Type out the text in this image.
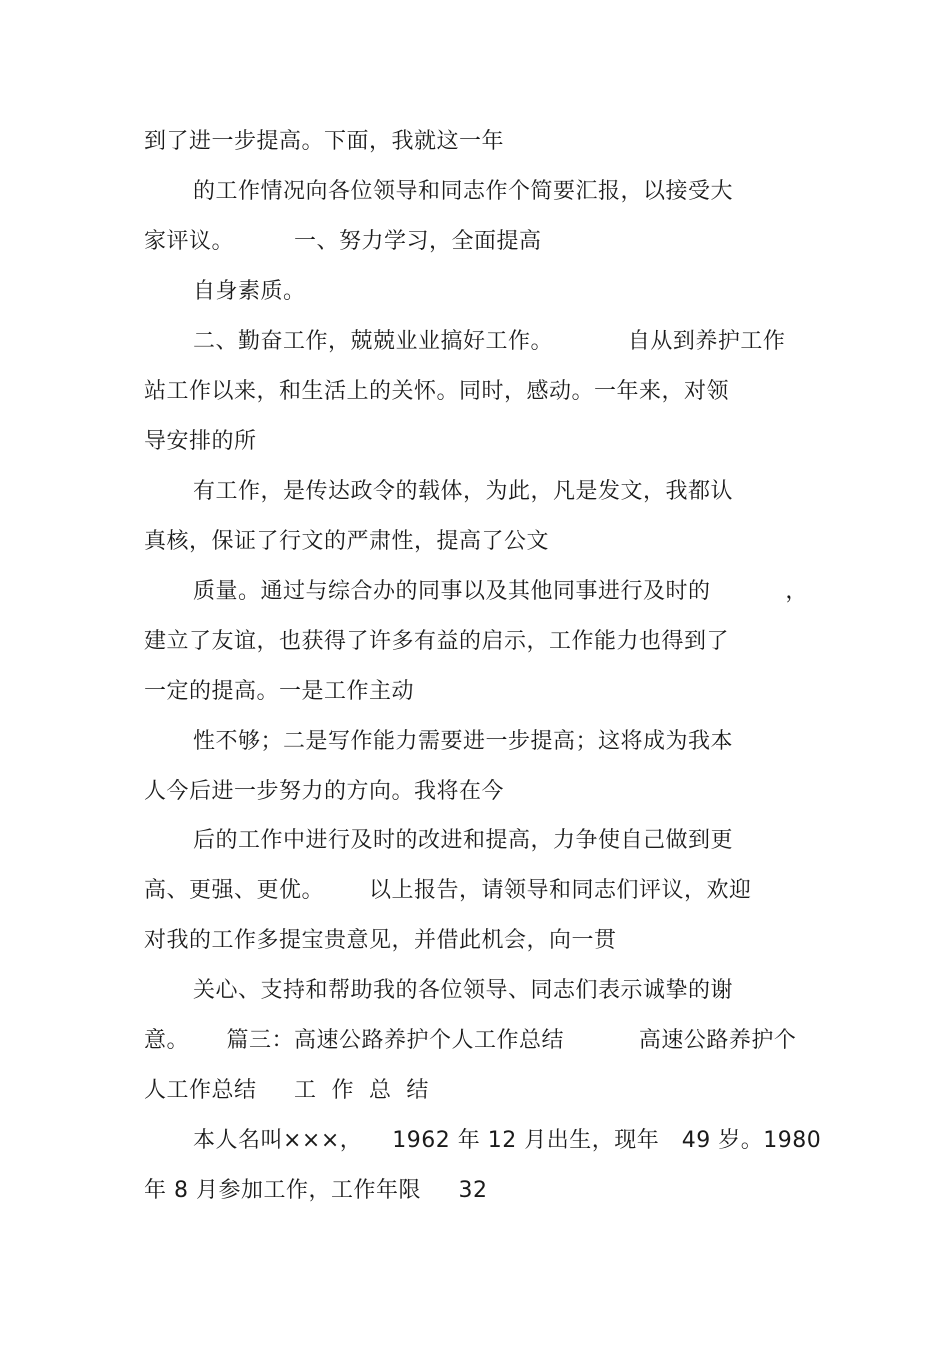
到了进一步提高。下面，我就这一年
的工作情况向各位领导和同志作个简要汇报，以接受大
家评议。        一、努力学习，全面提高
自身素质。
二、勤奋工作，兢兢业业搞好工作。          自从到养护工作
站工作以来，和生活上的关怀。同时，感动。一年来，对领
导安排的所
有工作，是传达政令的载体，为此，凡是发文，我都认
真核，保证了行文的严肃性，提高了公文
质量。通过与综合办的同事以及其他同事进行及时的          ，
建立了友谊，也获得了许多有益的启示，工作能力也得到了
一定的提高。一是工作主动
性不够；二是写作能力需要进一步提高；这将成为我本
人今后进一步努力的方向。我将在今
后的工作中进行及时的改进和提高，力争使自己做到更
高、更强、更优。      以上报告，请领导和同志们评议，欢迎
对我的工作多提宝贵意见，并借此机会，向一贯
关心、支持和帮助我的各位领导、同志们表示诚挚的谢
意。     篇三：高速公路养护个人工作总结          高速公路养护个
人工作总结     工  作  总  结
本人名叫×××，    1962 年 12 月出生，现年   49 岁。1980
年 8 月参加工作，工作年限     32
